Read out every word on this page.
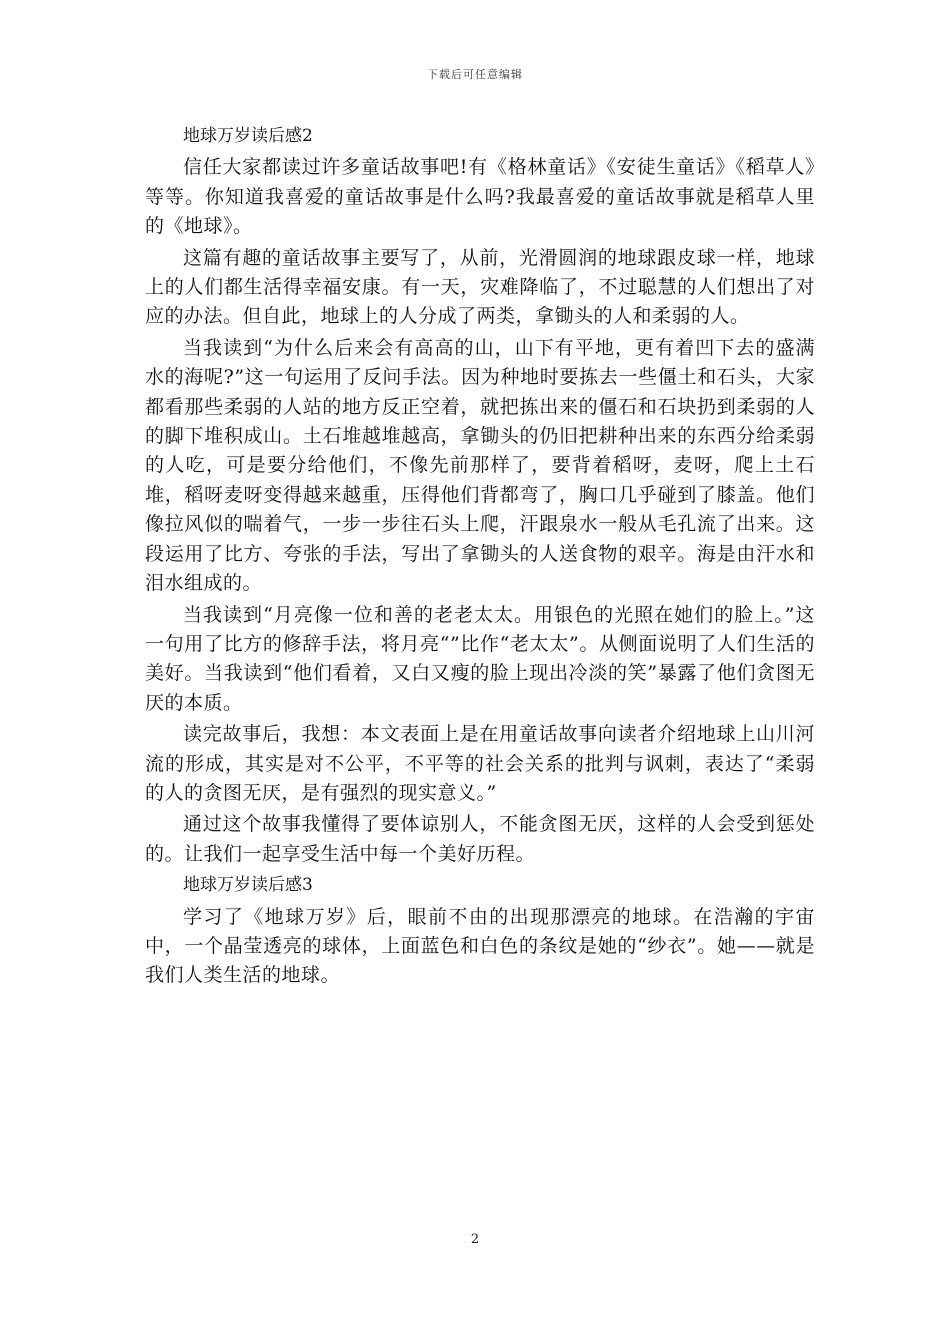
下载后可任意编辑

地球万岁读后感2

信任大家都读过许多童话故事吧!有《格林童话》《安徒生童话》《稻草人》等等。你知道我喜爱的童话故事是什么吗?我最喜爱的童话故事就是稻草人里的《地球》。

这篇有趣的童话故事主要写了，从前，光滑圆润的地球跟皮球一样，地球上的人们都生活得幸福安康。有一天，灾难降临了，不过聪慧的人们想出了对应的办法。但自此，地球上的人分成了两类，拿锄头的人和柔弱的人。

当我读到“为什么后来会有高高的山，山下有平地，更有着凹下去的盛满水的海呢?”这一句运用了反问手法。因为种地时要拣去一些僵土和石头，大家都看那些柔弱的人站的地方反正空着，就把拣出来的僵石和石块扔到柔弱的人的脚下堆积成山。土石堆越堆越高，拿锄头的仍旧把耕种出来的东西分给柔弱的人吃，可是要分给他们，不像先前那样了，要背着稻呀，麦呀，爬上土石堆，稻呀麦呀变得越来越重，压得他们背都弯了，胸口几乎碰到了膝盖。他们像拉风似的喘着气，一步一步往石头上爬，汗跟泉水一般从毛孔流了出来。这段运用了比方、夸张的手法，写出了拿锄头的人送食物的艰辛。海是由汗水和泪水组成的。

当我读到“月亮像一位和善的老老太太。用银色的光照在她们的脸上。”这一句用了比方的修辞手法，将月亮“”比作“老太太”。从侧面说明了人们生活的美好。当我读到“他们看着，又白又瘦的脸上现出冷淡的笑”暴露了他们贪图无厌的本质。

读完故事后，我想：本文表面上是在用童话故事向读者介绍地球上山川河流的形成，其实是对不公平，不平等的社会关系的批判与讽刺，表达了“柔弱的人的贪图无厌，是有强烈的现实意义。”

通过这个故事我懂得了要体谅别人，不能贪图无厌，这样的人会受到惩处的。让我们一起享受生活中每一个美好历程。

地球万岁读后感3

学习了《地球万岁》后，眼前不由的出现那漂亮的地球。在浩瀚的宇宙中，一个晶莹透亮的球体，上面蓝色和白色的条纹是她的“纱衣”。她——就是我们人类生活的地球。

2
